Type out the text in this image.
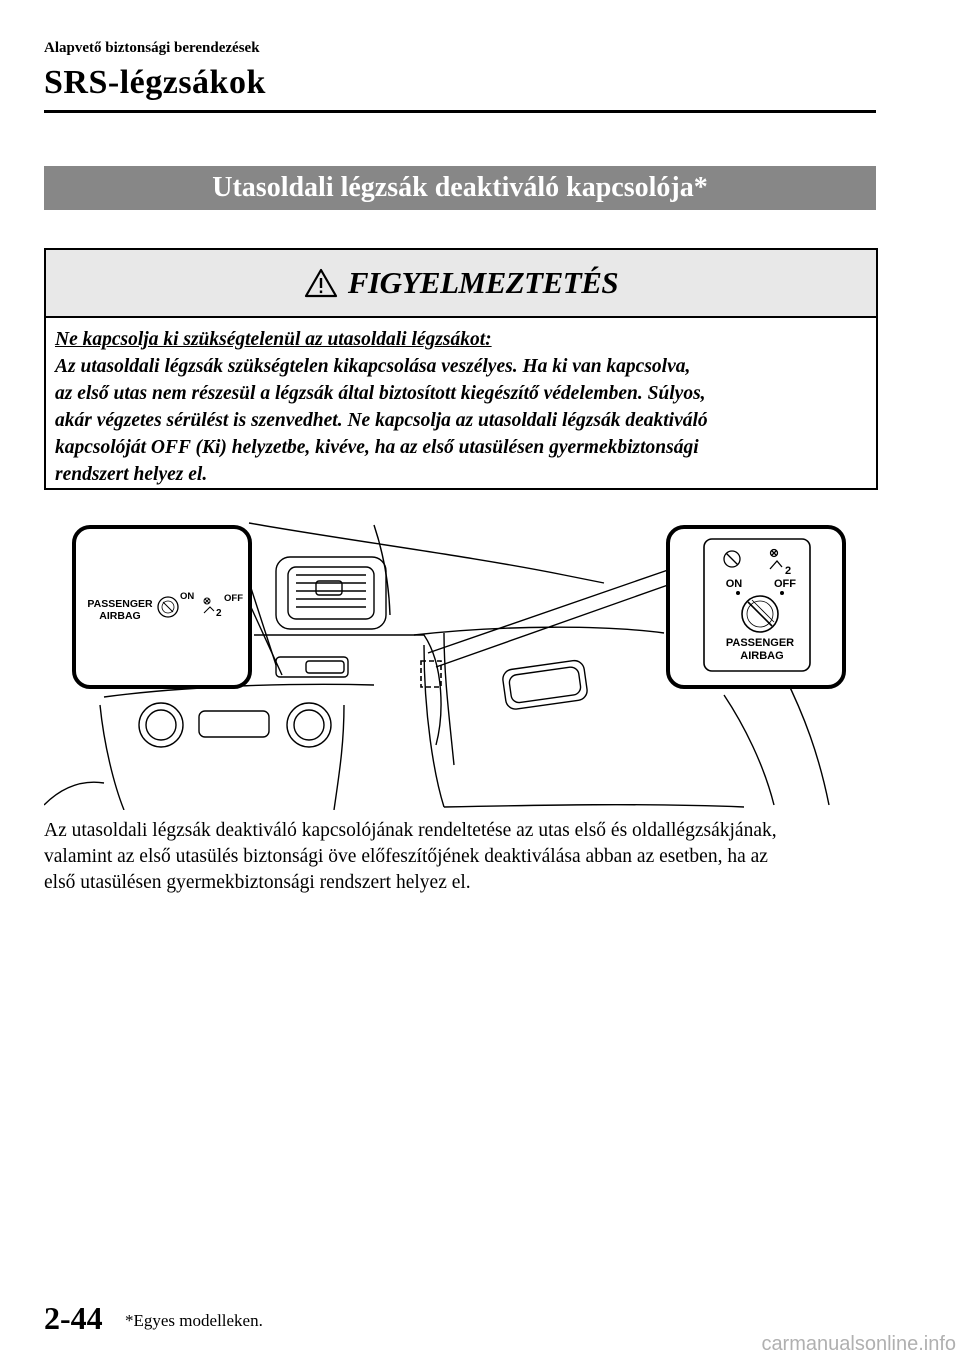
Alapvető biztonsági berendezések
SRS-légzsákok
Utasoldali légzsák deaktiváló kapcsolója*
FIGYELMEZTETÉS
Ne kapcsolja ki szükségtelenül az utasoldali légzsákot:
Az utasoldali légzsák szükségtelen kikapcsolása veszélyes. Ha ki van kapcsolva,
az első utas nem részesül a légzsák által biztosított kiegészítő védelemben. Súlyos,
akár végzetes sérülést is szenvedhet. Ne kapcsolja az utasoldali légzsák deaktiváló
kapcsolóját OFF (Ki) helyzetbe, kivéve, ha az első utasülésen gyermekbiztonsági
rendszert helyez el.
PASSENGER
AIRBAG
ON	OFF
2
2
ON	OFF
PASSENGER
AIRBAG
Az utasoldali légzsák deaktiváló kapcsolójának rendeltetése az utas első és oldallégzsákjának,
valamint az első utasülés biztonsági öve előfeszítőjének deaktiválása abban az esetben, ha az
első utasülésen gyermekbiztonsági rendszert helyez el.
2-44 *Egyes modelleken.
carmanualsonline.info
